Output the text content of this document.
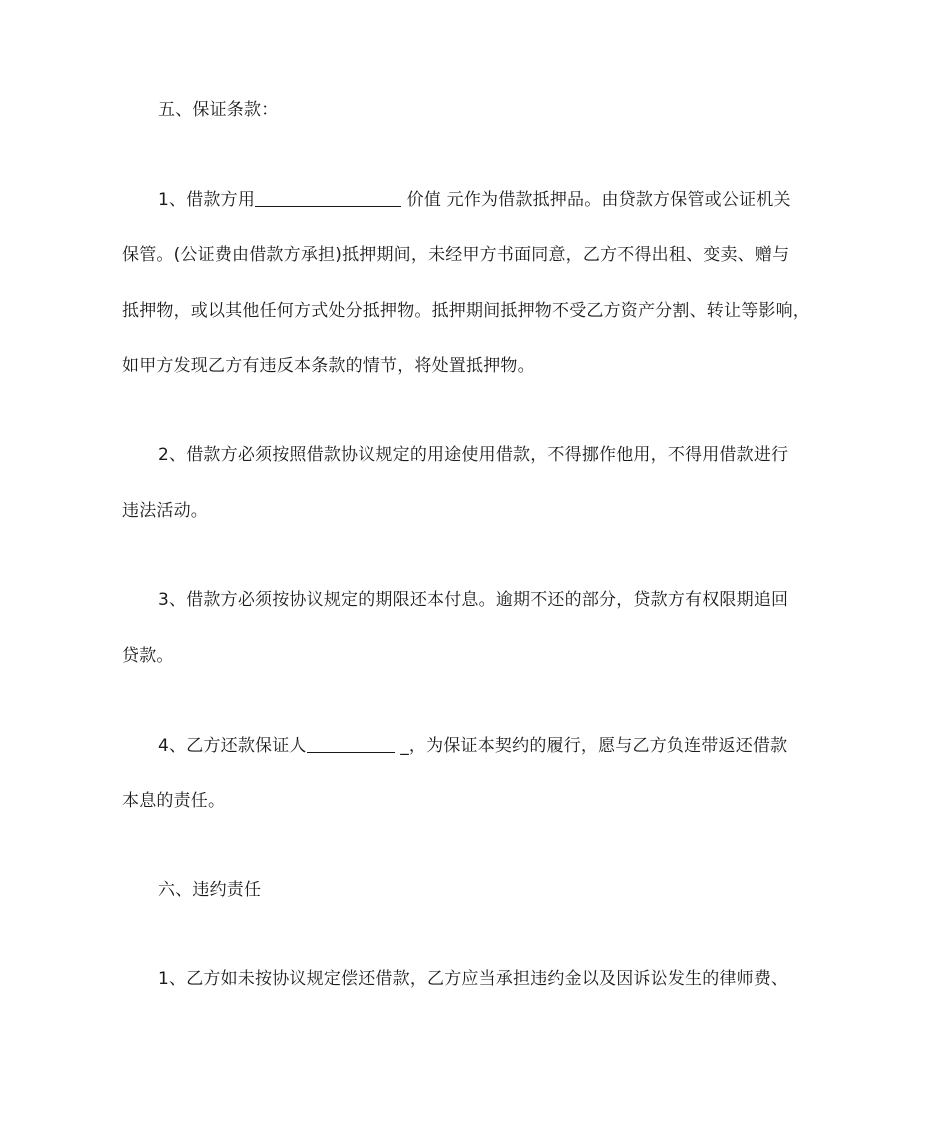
五、保证条款：
1、借款方用	价值 元作为借款抵押品。由贷款方保管或公证机关
保管。(公证费由借款方承担)抵押期间，未经甲方书面同意，乙方不得出租、变卖、赠与
抵押物，或以其他任何方式处分抵押物。抵押期间抵押物不受乙方资产分割、转让等影响，
如甲方发现乙方有违反本条款的情节，将处置抵押物。
2、借款方必须按照借款协议规定的用途使用借款，不得挪作他用，不得用借款进行
违法活动。
3、借款方必须按协议规定的期限还本付息。逾期不还的部分，贷款方有权限期追回
贷款。
4、乙方还款保证人	_，为保证本契约的履行，愿与乙方负连带返还借款
本息的责任。
六、违约责任
1、乙方如未按协议规定偿还借款，乙方应当承担违约金以及因诉讼发生的律师费、
